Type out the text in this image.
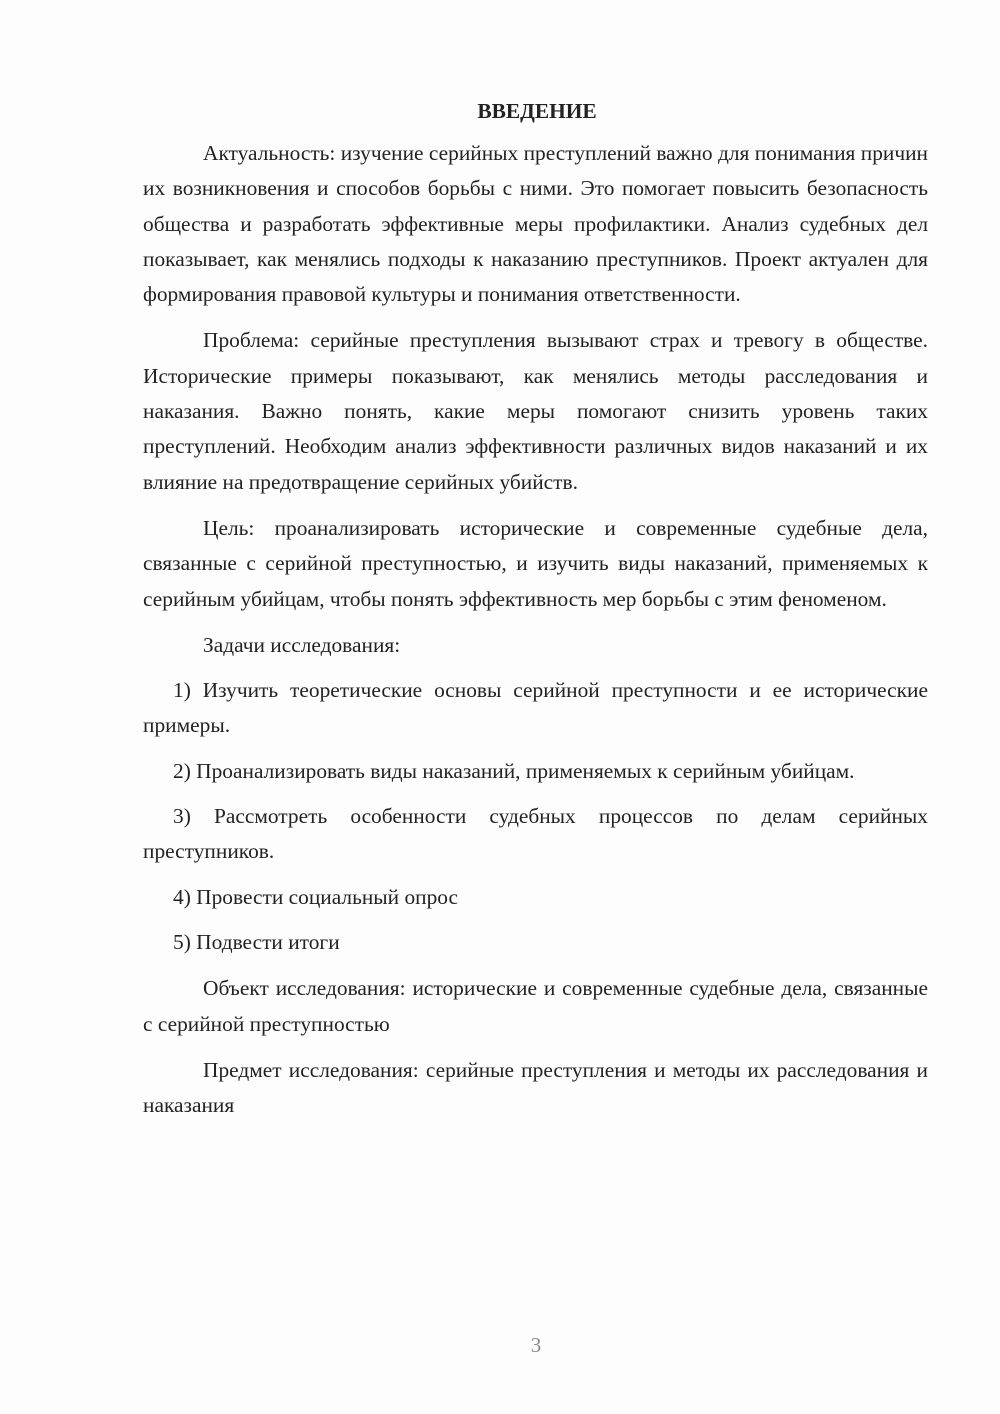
ВВЕДЕНИЕ

Актуальность: изучение серийных преступлений важно для понимания причин их возникновения и способов борьбы с ними. Это помогает повысить безопасность общества и разработать эффективные меры профилактики. Анализ судебных дел показывает, как менялись подходы к наказанию преступников. Проект актуален для формирования правовой культуры и понимания ответственности.

Проблема: серийные преступления вызывают страх и тревогу в обществе. Исторические примеры показывают, как менялись методы расследования и наказания. Важно понять, какие меры помогают снизить уровень таких преступлений. Необходим анализ эффективности различных видов наказаний и их влияние на предотвращение серийных убийств.

Цель: проанализировать исторические и современные судебные дела, связанные с серийной преступностью, и изучить виды наказаний, применяемых к серийным убийцам, чтобы понять эффективность мер борьбы с этим феноменом.

Задачи исследования:

1) Изучить теоретические основы серийной преступности и ее исторические примеры.

2) Проанализировать виды наказаний, применяемых к серийным убийцам.

3) Рассмотреть особенности судебных процессов по делам серийных преступников.

4) Провести социальный опрос

5) Подвести итоги

Объект исследования: исторические и современные судебные дела, связанные с серийной преступностью

Предмет исследования: серийные преступления и методы их расследования и наказания

3
